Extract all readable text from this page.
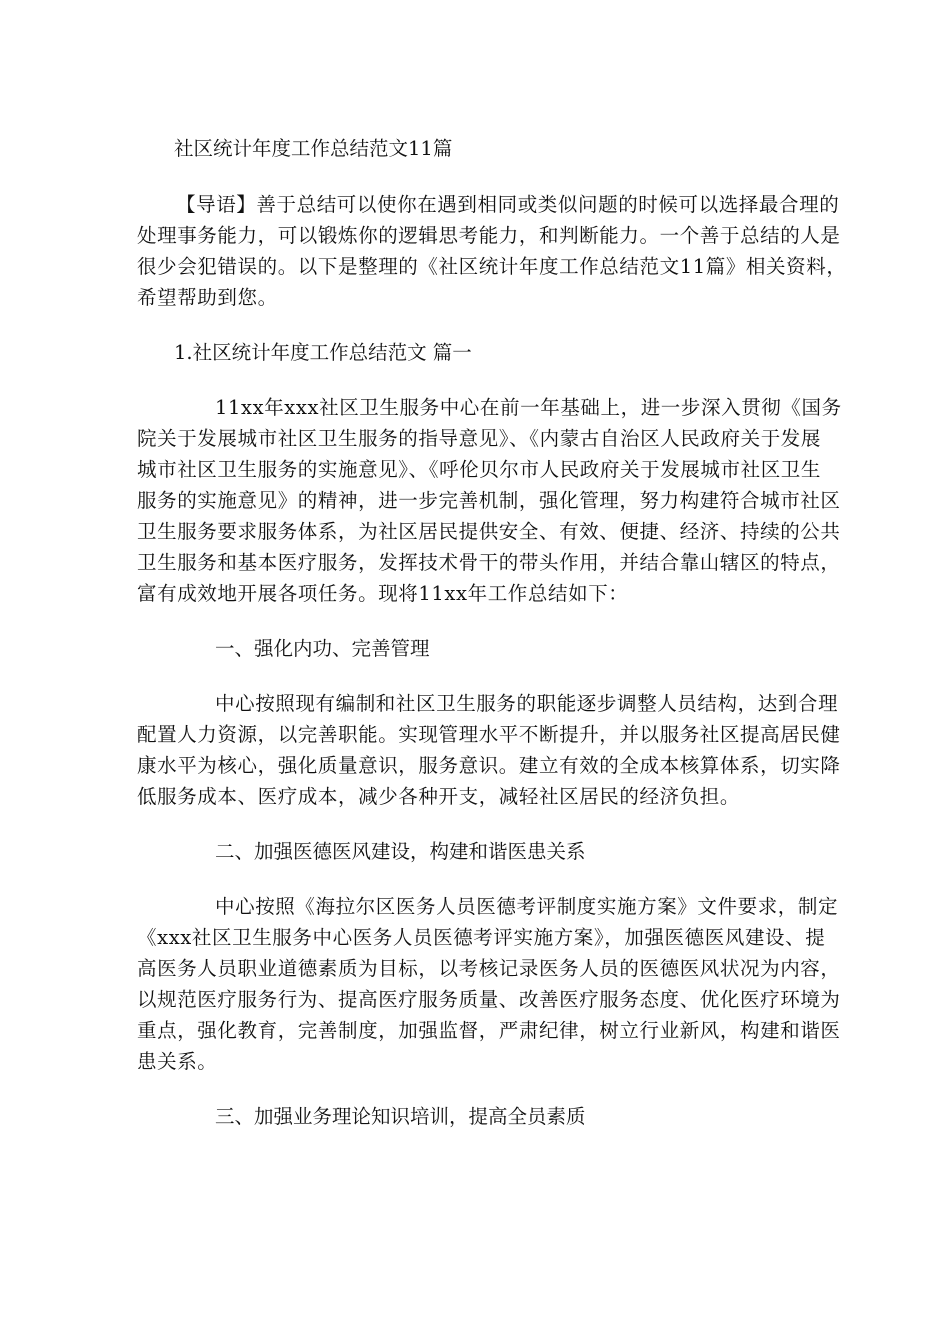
社区统计年度工作总结范文11篇

【导语】善于总结可以使你在遇到相同或类似问题的时候可以选择最合理的

处理事务能力，可以锻炼你的逻辑思考能力，和判断能力。一个善于总结的人是

很少会犯错误的。以下是整理的《社区统计年度工作总结范文11篇》相关资料，

希望帮助到您。

1.社区统计年度工作总结范文 篇一

11xx年xxx社区卫生服务中心在前一年基础上，进一步深入贯彻《国务

院关于发展城市社区卫生服务的指导意见》、《内蒙古自治区人民政府关于发展

城市社区卫生服务的实施意见》、《呼伦贝尔市人民政府关于发展城市社区卫生

服务的实施意见》的精神，进一步完善机制，强化管理，努力构建符合城市社区

卫生服务要求服务体系，为社区居民提供安全、有效、便捷、经济、持续的公共

卫生服务和基本医疗服务，发挥技术骨干的带头作用，并结合靠山辖区的特点，

富有成效地开展各项任务。现将11xx年工作总结如下：

一、强化内功、完善管理

中心按照现有编制和社区卫生服务的职能逐步调整人员结构，达到合理

配置人力资源，以完善职能。实现管理水平不断提升，并以服务社区提高居民健

康水平为核心，强化质量意识，服务意识。建立有效的全成本核算体系，切实降

低服务成本、医疗成本，减少各种开支，减轻社区居民的经济负担。

二、加强医德医风建设，构建和谐医患关系

中心按照《海拉尔区医务人员医德考评制度实施方案》文件要求，制定

《xxx社区卫生服务中心医务人员医德考评实施方案》，加强医德医风建设、提

高医务人员职业道德素质为目标，以考核记录医务人员的医德医风状况为内容，

以规范医疗服务行为、提高医疗服务质量、改善医疗服务态度、优化医疗环境为

重点，强化教育，完善制度，加强监督，严肃纪律，树立行业新风，构建和谐医

患关系。

三、加强业务理论知识培训，提高全员素质
